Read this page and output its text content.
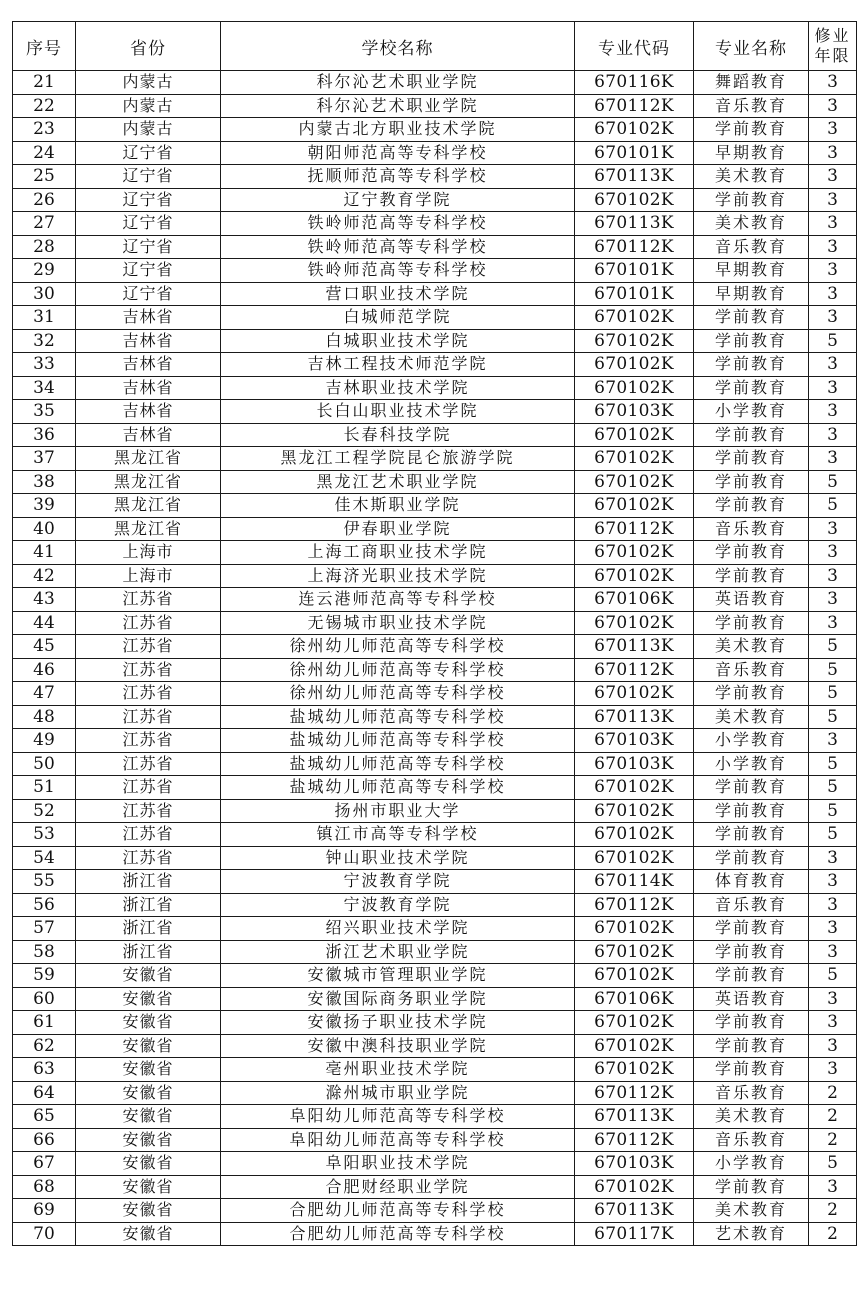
序号	省份	学校名称	专业代码	专业名称	修业
年限

21	内蒙古	科尔沁艺术职业学院	670116K	舞蹈教育	3
22	内蒙古	科尔沁艺术职业学院	670112K	音乐教育	3
23	内蒙古	内蒙古北方职业技术学院	670102K	学前教育	3
24	辽宁省	朝阳师范高等专科学校	670101K	早期教育	3
25	辽宁省	抚顺师范高等专科学校	670113K	美术教育	3
26	辽宁省	辽宁教育学院	670102K	学前教育	3
27	辽宁省	铁岭师范高等专科学校	670113K	美术教育	3
28	辽宁省	铁岭师范高等专科学校	670112K	音乐教育	3
29	辽宁省	铁岭师范高等专科学校	670101K	早期教育	3
30	辽宁省	营口职业技术学院	670101K	早期教育	3
31	吉林省	白城师范学院	670102K	学前教育	3
32	吉林省	白城职业技术学院	670102K	学前教育	5
33	吉林省	吉林工程技术师范学院	670102K	学前教育	3
34	吉林省	吉林职业技术学院	670102K	学前教育	3
35	吉林省	长白山职业技术学院	670103K	小学教育	3
36	吉林省	长春科技学院	670102K	学前教育	3
37	黑龙江省	黑龙江工程学院昆仑旅游学院	670102K	学前教育	3
38	黑龙江省	黑龙江艺术职业学院	670102K	学前教育	5
39	黑龙江省	佳木斯职业学院	670102K	学前教育	5
40	黑龙江省	伊春职业学院	670112K	音乐教育	3
41	上海市	上海工商职业技术学院	670102K	学前教育	3
42	上海市	上海济光职业技术学院	670102K	学前教育	3
43	江苏省	连云港师范高等专科学校	670106K	英语教育	3
44	江苏省	无锡城市职业技术学院	670102K	学前教育	3
45	江苏省	徐州幼儿师范高等专科学校	670113K	美术教育	5
46	江苏省	徐州幼儿师范高等专科学校	670112K	音乐教育	5
47	江苏省	徐州幼儿师范高等专科学校	670102K	学前教育	5
48	江苏省	盐城幼儿师范高等专科学校	670113K	美术教育	5
49	江苏省	盐城幼儿师范高等专科学校	670103K	小学教育	3
50	江苏省	盐城幼儿师范高等专科学校	670103K	小学教育	5
51	江苏省	盐城幼儿师范高等专科学校	670102K	学前教育	5
52	江苏省	扬州市职业大学	670102K	学前教育	5
53	江苏省	镇江市高等专科学校	670102K	学前教育	5
54	江苏省	钟山职业技术学院	670102K	学前教育	3
55	浙江省	宁波教育学院	670114K	体育教育	3
56	浙江省	宁波教育学院	670112K	音乐教育	3
57	浙江省	绍兴职业技术学院	670102K	学前教育	3
58	浙江省	浙江艺术职业学院	670102K	学前教育	3
59	安徽省	安徽城市管理职业学院	670102K	学前教育	5
60	安徽省	安徽国际商务职业学院	670106K	英语教育	3
61	安徽省	安徽扬子职业技术学院	670102K	学前教育	3
62	安徽省	安徽中澳科技职业学院	670102K	学前教育	3
63	安徽省	亳州职业技术学院	670102K	学前教育	3
64	安徽省	滁州城市职业学院	670112K	音乐教育	2
65	安徽省	阜阳幼儿师范高等专科学校	670113K	美术教育	2
66	安徽省	阜阳幼儿师范高等专科学校	670112K	音乐教育	2
67	安徽省	阜阳职业技术学院	670103K	小学教育	5
68	安徽省	合肥财经职业学院	670102K	学前教育	3
69	安徽省	合肥幼儿师范高等专科学校	670113K	美术教育	2
70	安徽省	合肥幼儿师范高等专科学校	670117K	艺术教育	2
